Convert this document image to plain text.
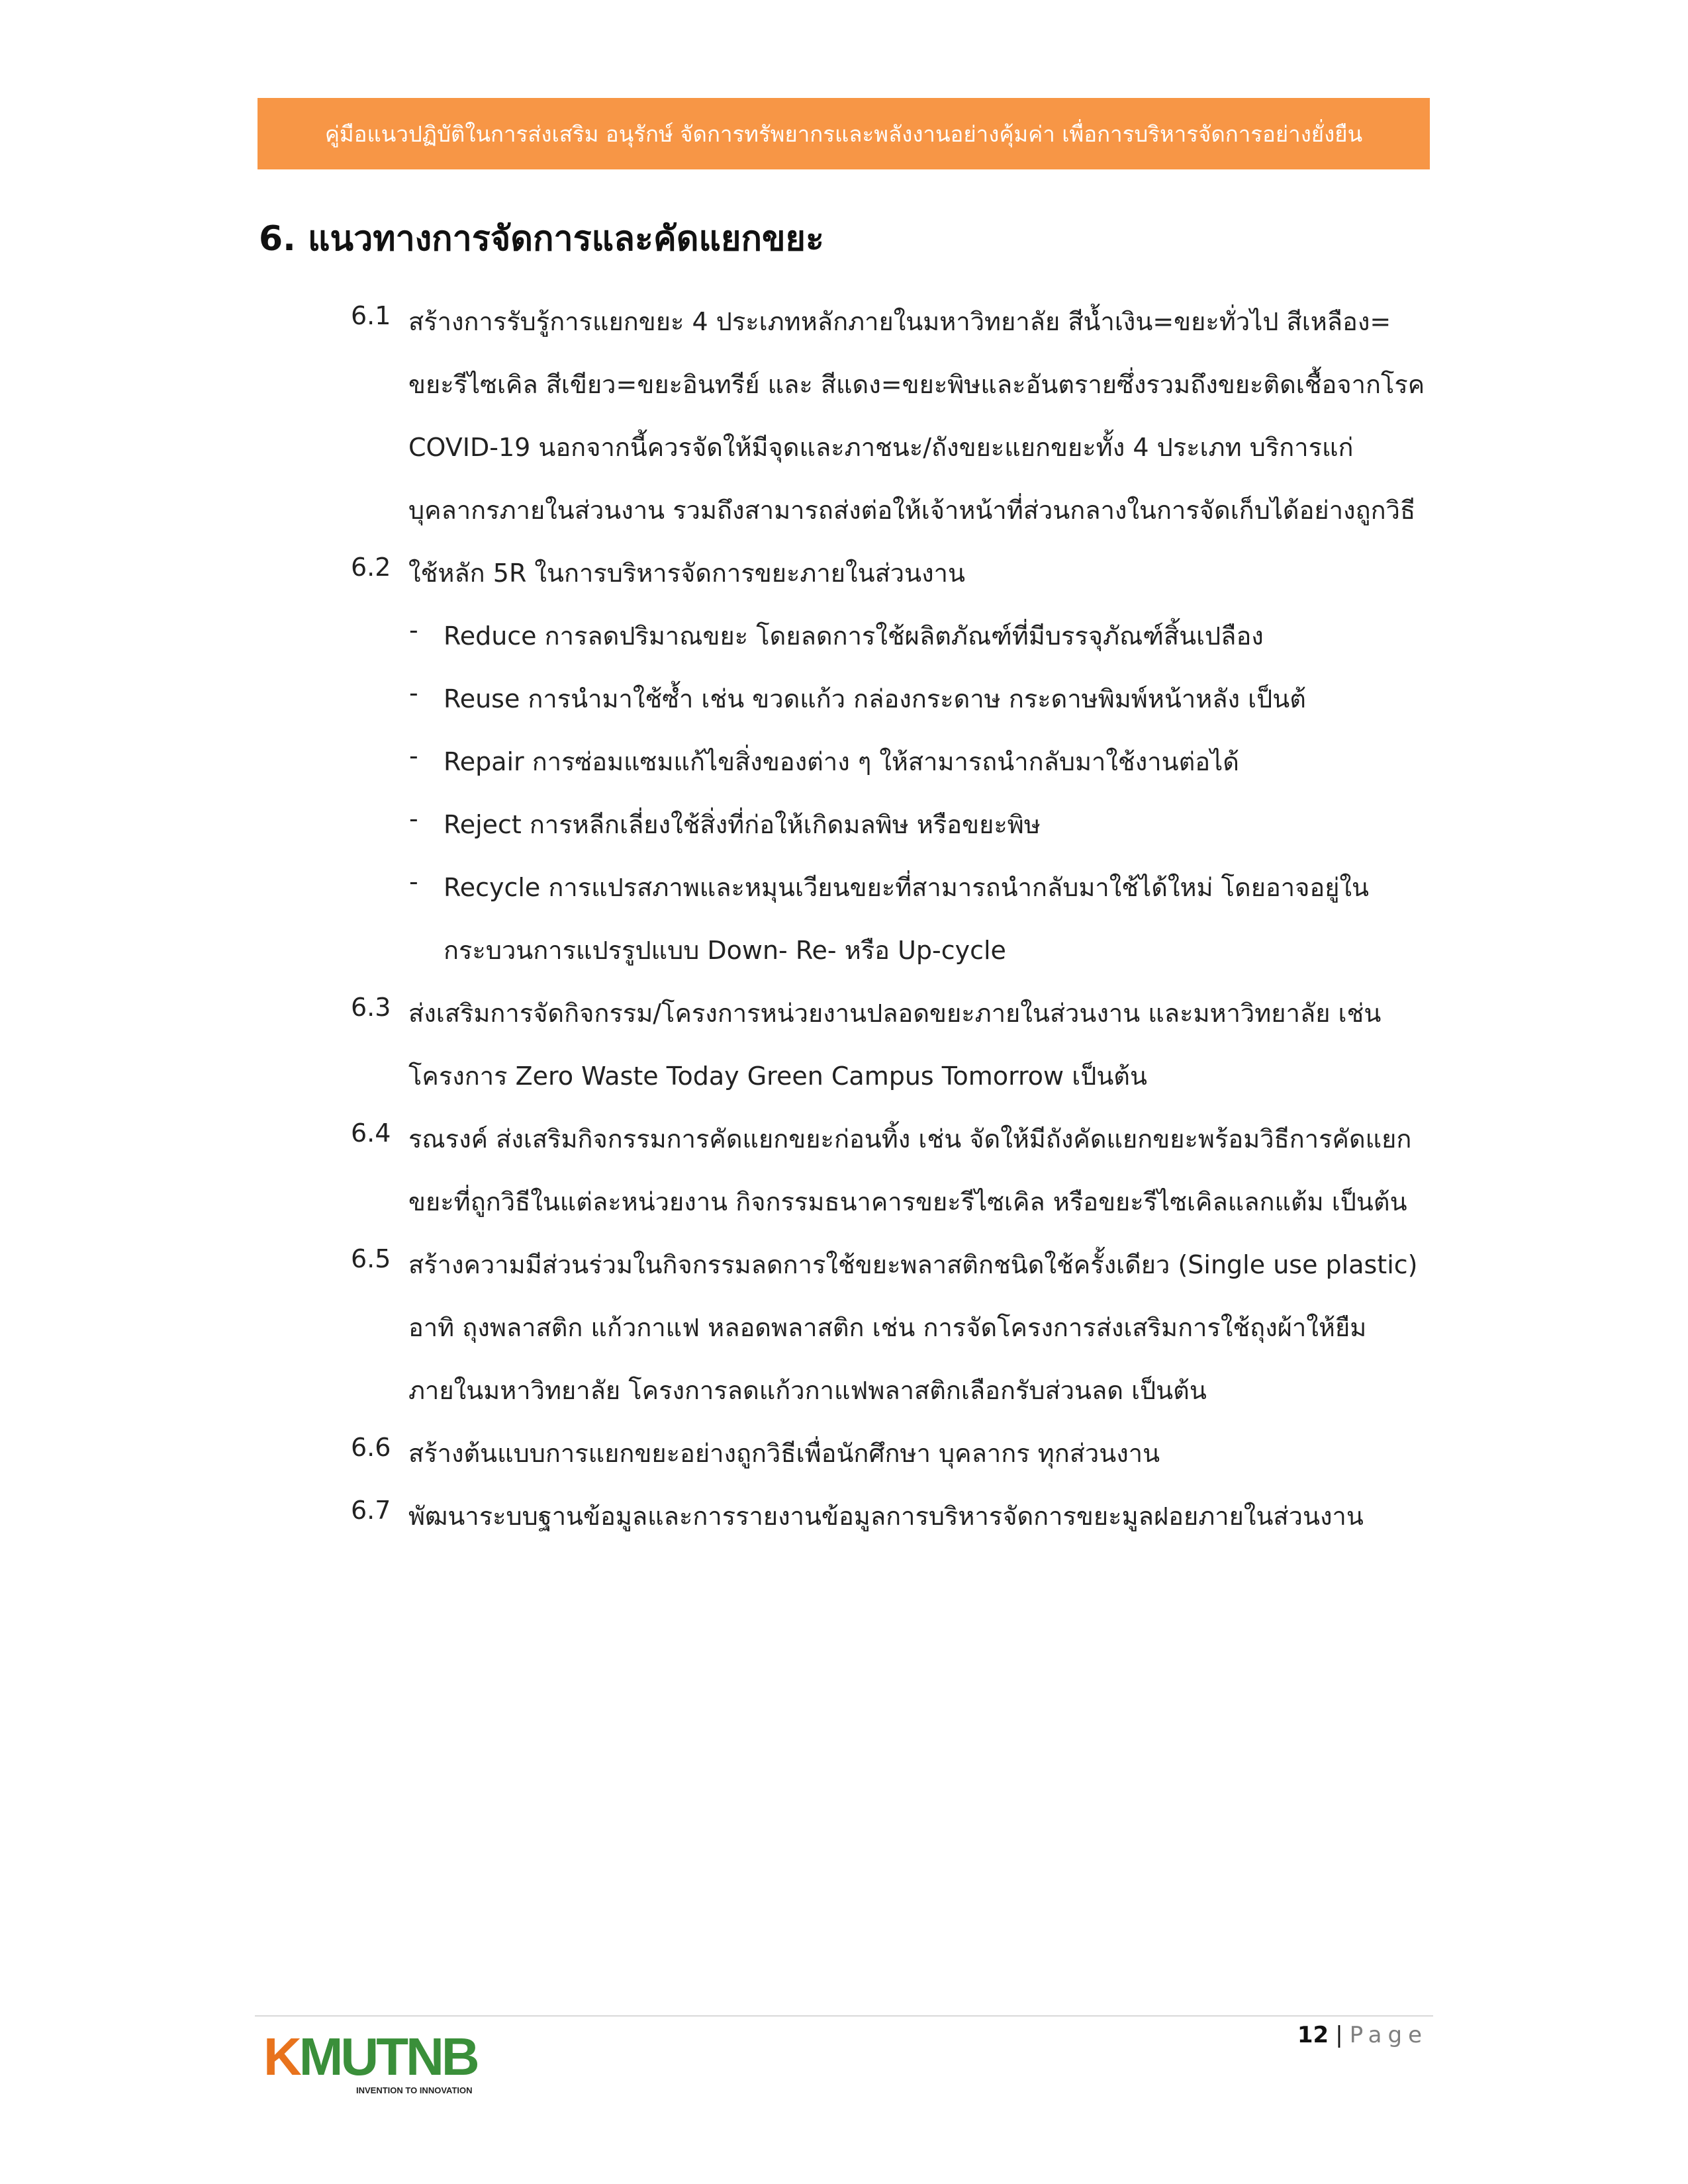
คู่มือแนวปฏิบัติในการส่งเสริม อนุรักษ์ จัดการทรัพยากรและพลังงานอย่างคุ้มค่า เพื่อการบริหารจัดการอย่างยั่งยืน
6. แนวทางการจัดการและคัดแยกขยะ
6.1 สร้างการรับรู้การแยกขยะ 4 ประเภทหลักภายในมหาวิทยาลัย สีน้ำเงิน=ขยะทั่วไป สีเหลือง=
ขยะรีไซเคิล สีเขียว=ขยะอินทรีย์ และ สีแดง=ขยะพิษและอันตรายซึ่งรวมถึงขยะติดเชื้อจากโรค
COVID-19 นอกจากนี้ควรจัดให้มีจุดและภาชนะ/ถังขยะแยกขยะทั้ง 4 ประเภท บริการแก่
บุคลากรภายในส่วนงาน รวมถึงสามารถส่งต่อให้เจ้าหน้าที่ส่วนกลางในการจัดเก็บได้อย่างถูกวิธี
6.2 ใช้หลัก 5R ในการบริหารจัดการขยะภายในส่วนงาน
- Reduce การลดปริมาณขยะ โดยลดการใช้ผลิตภัณฑ์ที่มีบรรจุภัณฑ์สิ้นเปลือง
- Reuse การนำมาใช้ซ้ำ เช่น ขวดแก้ว กล่องกระดาษ กระดาษพิมพ์หน้าหลัง เป็นต้
- Repair การซ่อมแซมแก้ไขสิ่งของต่าง ๆ ให้สามารถนำกลับมาใช้งานต่อได้
- Reject การหลีกเลี่ยงใช้สิ่งที่ก่อให้เกิดมลพิษ หรือขยะพิษ
- Recycle การแปรสภาพและหมุนเวียนขยะที่สามารถนำกลับมาใช้ได้ใหม่ โดยอาจอยู่ใน
กระบวนการแปรรูปแบบ Down- Re- หรือ Up-cycle
6.3 ส่งเสริมการจัดกิจกรรม/โครงการหน่วยงานปลอดขยะภายในส่วนงาน และมหาวิทยาลัย เช่น
โครงการ Zero Waste Today Green Campus Tomorrow เป็นต้น
6.4 รณรงค์ ส่งเสริมกิจกรรมการคัดแยกขยะก่อนทิ้ง เช่น จัดให้มีถังคัดแยกขยะพร้อมวิธีการคัดแยก
ขยะที่ถูกวิธีในแต่ละหน่วยงาน กิจกรรมธนาคารขยะรีไซเคิล หรือขยะรีไซเคิลแลกแต้ม เป็นต้น
6.5 สร้างความมีส่วนร่วมในกิจกรรมลดการใช้ขยะพลาสติกชนิดใช้ครั้งเดียว (Single use plastic)
อาทิ ถุงพลาสติก แก้วกาแฟ หลอดพลาสติก เช่น การจัดโครงการส่งเสริมการใช้ถุงผ้าให้ยืม
ภายในมหาวิทยาลัย โครงการลดแก้วกาแฟพลาสติกเลือกรับส่วนลด เป็นต้น
6.6 สร้างต้นแบบการแยกขยะอย่างถูกวิธีเพื่อนักศึกษา บุคลากร ทุกส่วนงาน
6.7 พัฒนาระบบฐานข้อมูลและการรายงานข้อมูลการบริหารจัดการขยะมูลฝอยภายในส่วนงาน
KMUTNB
INVENTION TO INNOVATION
12 | Page
